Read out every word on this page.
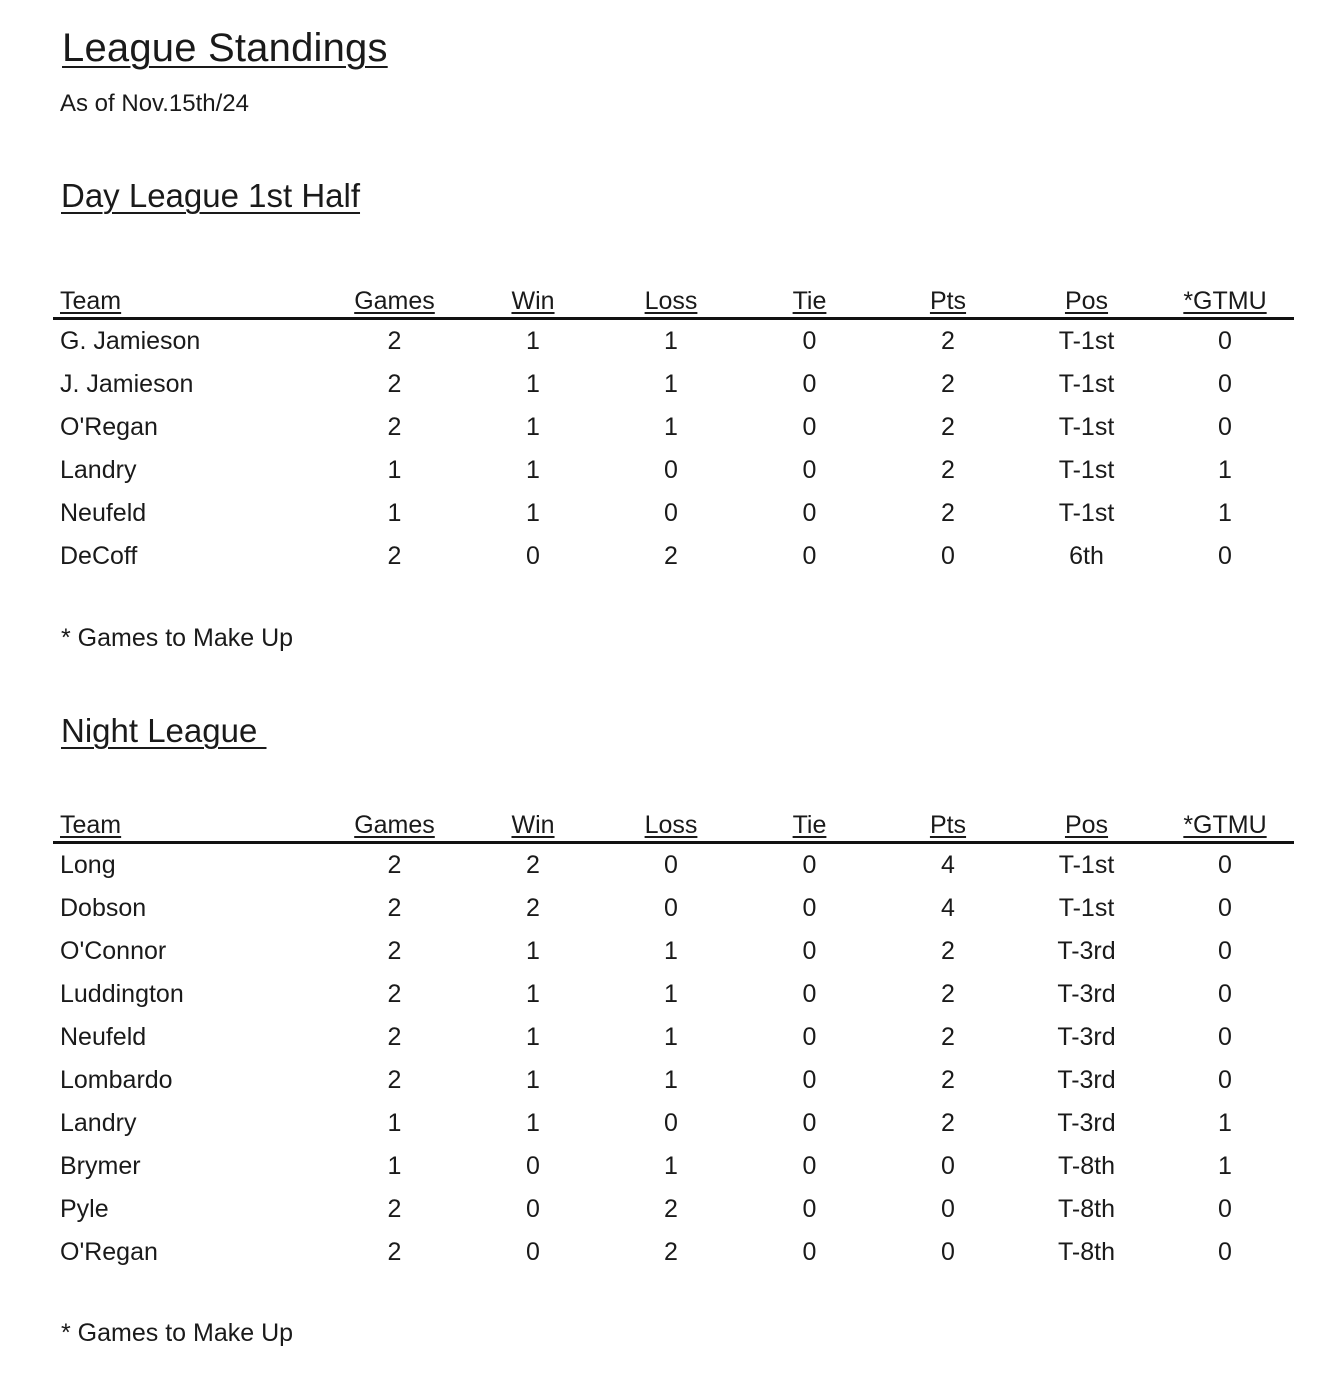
League Standings
As of Nov.15th/24
Day League 1st Half
Team	Games	Win	Loss	Tie	Pts	Pos	*GTMU
G. Jamieson	2	1	1	0	2	T-1st	0
J. Jamieson	2	1	1	0	2	T-1st	0
O'Regan	2	1	1	0	2	T-1st	0
Landry	1	1	0	0	2	T-1st	1
Neufeld	1	1	0	0	2	T-1st	1
DeCoff	2	0	2	0	0	6th	0
* Games to Make Up
Night League
Team	Games	Win	Loss	Tie	Pts	Pos	*GTMU
Long	2	2	0	0	4	T-1st	0
Dobson	2	2	0	0	4	T-1st	0
O'Connor	2	1	1	0	2	T-3rd	0
Luddington	2	1	1	0	2	T-3rd	0
Neufeld	2	1	1	0	2	T-3rd	0
Lombardo	2	1	1	0	2	T-3rd	0
Landry	1	1	0	0	2	T-3rd	1
Brymer	1	0	1	0	0	T-8th	1
Pyle	2	0	2	0	0	T-8th	0
O'Regan	2	0	2	0	0	T-8th	0
* Games to Make Up
